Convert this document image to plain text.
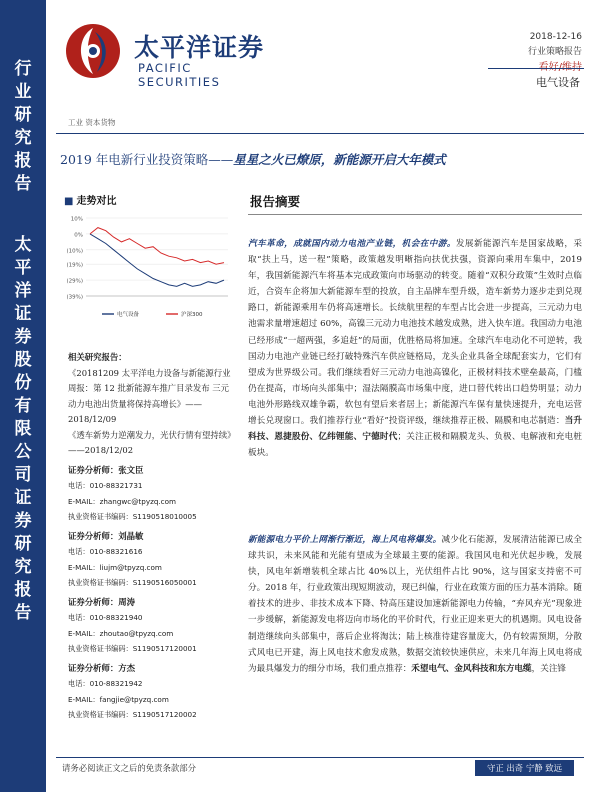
行业研究报告
太平洋证券股份有限公司证券研究报告
太平洋证券
PACIFIC SECURITIES
2018-12-16
行业策略报告
看好/维持
电气设备
工业 资本货物
2019 年电新行业投资策略——星星之火已燎原，新能源开启大年模式
■ 走势对比
10%
0%
(10%)
(19%)
(29%)
(39%)
电气设备	沪深300
相关研究报告：
《20181209 太平洋电力设备与新能源行业周报：第 12 批新能源车推广目录发布 三元动力电池出货量将保持高增长》——2018/12/09
《透车新势力逆潮发力，光伏行情有望持续》——2018/12/02
证券分析师：张文臣
电话：010-88321731
E-MAIL：zhangwc@tpyzq.com
执业资格证书编码：S1190518010005
证券分析师：刘晶敏
电话：010-88321616
E-MAIL：liujm@tpyzq.com
执业资格证书编码：S1190516050001
证券分析师：周涛
电话：010-88321940
E-MAIL：zhoutao@tpyzq.com
执业资格证书编码：S1190517120001
证券分析师：方杰
电话：010-88321942
E-MAIL：fangjie@tpyzq.com
执业资格证书编码：S1190517120002
报告摘要
汽车革命，成就国内动力电池产业链，机会在中游。发展新能源汽车是国家战略，采取“扶上马，送一程”策略，政策越发明晰指向扶优扶强，资源向乘用车集中，2019 年，我国新能源汽车将基本完成政策向市场驱动的转变。随着“双积分政策”生效时点临近，合资车企将加大新能源车型的投放，自主品牌车型升级，造车新势力逐步走到兑现路口，新能源乘用车仍将高速增长。长续航里程的车型占比会进一步提高，三元动力电池需求量增速超过 60%，高镍三元动力电池技术越发成熟，进入快车道。我国动力电池已经形成“一超两强，多追赶”的局面，优胜格局将加速。全球汽车电动化不可逆转，我国动力电池产业链已经打破特殊汽车供应链格局，龙头企业具备全球配套实力，它们有望成为世界级公司。我们继续看好三元动力电池高镍化，正极材料技术壁垒最高，门槛仍在提高，市场向头部集中；湿法隔膜高市场集中度，进口替代转出口趋势明显；动力电池外形路线双雄争霸，软包有望后来者居上；新能源汽车保有量快速提升，充电运营增长兑现窗口。我们推荐行业“看好”投资评级，继续推荐正极、隔膜和电芯制造：当升科技、恩捷股份、亿纬锂能、宁德时代；关注正极和隔膜龙头、负极、电解液和充电桩板块。
新能源电力平价上网渐行渐近，海上风电将爆发。减少化石能源，发展清洁能源已成全球共识，未来风能和光能有望成为全球最主要的能源。我国风电和光伏起步晚，发展快，风电年新增装机全球占比 40%以上，光伏组件占比 90%，这与国家支持密不可分。2018 年，行业政策出现短期波动，现已纠偏，行业在政策方面的压力基本消除。随着技术的进步、非技术成本下降、特高压建设加速新能源电力传输，“弃风弃光”现象进一步缓解，新能源发电将迈向市场化的平价时代，行业正迎来更大的机遇期。风电设备制造继续向头部集中，落后企业将淘汰；陆上核准待建容量庞大，仍有较需预期，分散式风电已开建，海上风电技术愈发成熟，数据交流较快速供应，未来几年海上风电将成为最具爆发力的细分市场，我们重点推荐：禾望电气、金风科技和东方电缆，关注锋
请务必阅读正文之后的免责条款部分	守正 出奇 宁静 致远
